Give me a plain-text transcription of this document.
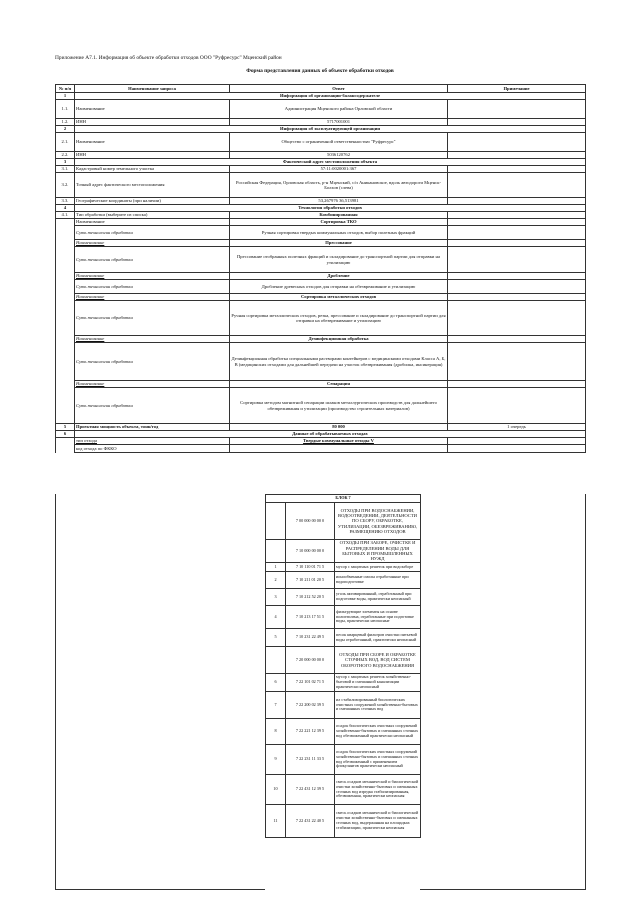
Приложение А7.1. Информация об объекте обработки отходов ООО "Руфресурс" Мценский район
Форма представления данных об объекте обработки отходов
№ п/п	Наименование запроса	Ответ	Примечание
1	Информация об организации-балансодержателе		
1.1.	Наименование	Администрация Мценского района Орловской области	
1.2.	ИНН	5717001001	
2	Информация об эксплуатирующей организации		
2.1.	Наименование	Общество с ограниченной ответственностью "Руфресурс"	
2.2.	ИНН	5036120762	
3	Фактический адрес местоположения объекта		
3.1.	Кадастровый номер земельного участка	57:11:0020001:367	
3.2.	Точный адрес фактического местоположения	Российская Федерация, Орловская область, р-н Мценский, с/п Аникановское, вдоль автодороги Мценск-Болхов (слева)	
3.3.	Географические координаты (при наличии)	53,267976 36,513981	
4	Технология обработки отходов		
4.1.	Тип обработки (выберите из списка)	Комбинированная	
	Наименование	Сортировка ТКО	
	Суть технологии обработки	Ручная сортировка твердых коммунальных отходов, выбор полезных фракций	
	Наименование	Прессование	
	Суть технологии обработки	Прессование отобранных полезных фракций и складирование до транспортной партии для отправки на утилизацию	
	Наименование	Дробление	
	Суть технологии обработки	Дробление древесных отходов для отправки на обезвреживание и утилизацию	
	Наименование	Сортировка металлических отходов	
	Суть технологии обработки	Ручная сортировка металлических отходов, резка, прессование и складирование до транспортной партии для отправки на обезвреживание и утилизацию	
	Наименование	Дезинфекционная обработка	
	Суть технологии обработки	Дезинфекционная обработка специальными растворами контейнеров с медицинскими отходами Класса А, Б, В (медицинских отходами для дальнейшей передачи на участок обезвреживания (дробилка, инсинерация)	
	Наименование	Сепарация	
	Суть технологии обработки	Сортировка методом магнитной сепарации шлаков металлургических производств для дальнейшего обезвреживания и утилизации (производство строительных материалов)	
5	Проектная мощность объекта, тонн/год	80 000	1 очередь
6	Данные об обрабатываемых отходах		
	тип отхода	Твердые коммунальные отходы V	
	код отхода по ФККО		
БЛОК 7		
	7 00 000 00 00 0	ОТХОДЫ ПРИ ВОДОСНАБЖЕНИИ, ВОДООТВЕДЕНИИ, ДЕЯТЕЛЬНОСТИ ПО СБОРУ, ОБРАБОТКЕ, УТИЛИЗАЦИИ, ОБЕЗВРЕЖИВАНИЮ, РАЗМЕЩЕНИЮ ОТХОДОВ
	7 10 000 00 00 0	ОТХОДЫ ПРИ ЗАБОРЕ, ОЧИСТКЕ И РАСПРЕДЕЛЕНИИ ВОДЫ ДЛЯ БЫТОВЫХ И ПРОМЫШЛЕННЫХ НУЖД
1	7 10 110 01 71 5	мусор с защитных решеток при водозаборе
2	7 10 211 01 20 5	ионообменные смолы отработанные при водоподготовке
3	7 10 212 52 20 5	уголь активированный, отработанный при подготовке воды, практически неопасный
4	7 10 213 17 51 5	фильтрующие элементы на основе полиэтилена, отработанные при подготовке воды, практически неопасные
5	7 10 231 22 49 5	песок кварцевый фильтров очистки питьевой воды отработанный, практически неопасный
	7 20 000 00 00 0	ОТХОДЫ ПРИ СБОРЕ И ОБРАБОТКЕ СТОЧНЫХ ВОД, ВОД СИСТЕМ ОБОРОТНОГО ВОДОСНАБЖЕНИЯ
6	7 22 101 02 71 5	мусор с защитных решеток хозяйственно-бытовой и смешанной канализации практически неопасный
7	7 22 200 02 39 5	ил стабилизированный биологических очистных сооружений хозяйственно-бытовых и смешанных сточных вод
8	7 22 221 12 39 5	осадок биологических очистных сооружений хозяйственно-бытовых и смешанных сточных вод обезвоженный практически неопасный
9	7 22 231 11 33 5	осадок биологических очистных сооружений хозяйственно-бытовых и смешанных сточных вод обезвоженный с применением флокулянтов практически неопасный
10	7 22 431 12 39 5	смесь осадков механической и биологической очистки хозяйственно-бытовых и смешанных сточных вод изредка стабилизированная, обезвоженная, практически неопасная
11	7 22 431 22 40 5	смесь осадков механической и биологической очистки хозяйственно-бытовых и смешанных сточных вод, выдержанная на площадках стабилизации, практически неопасная
